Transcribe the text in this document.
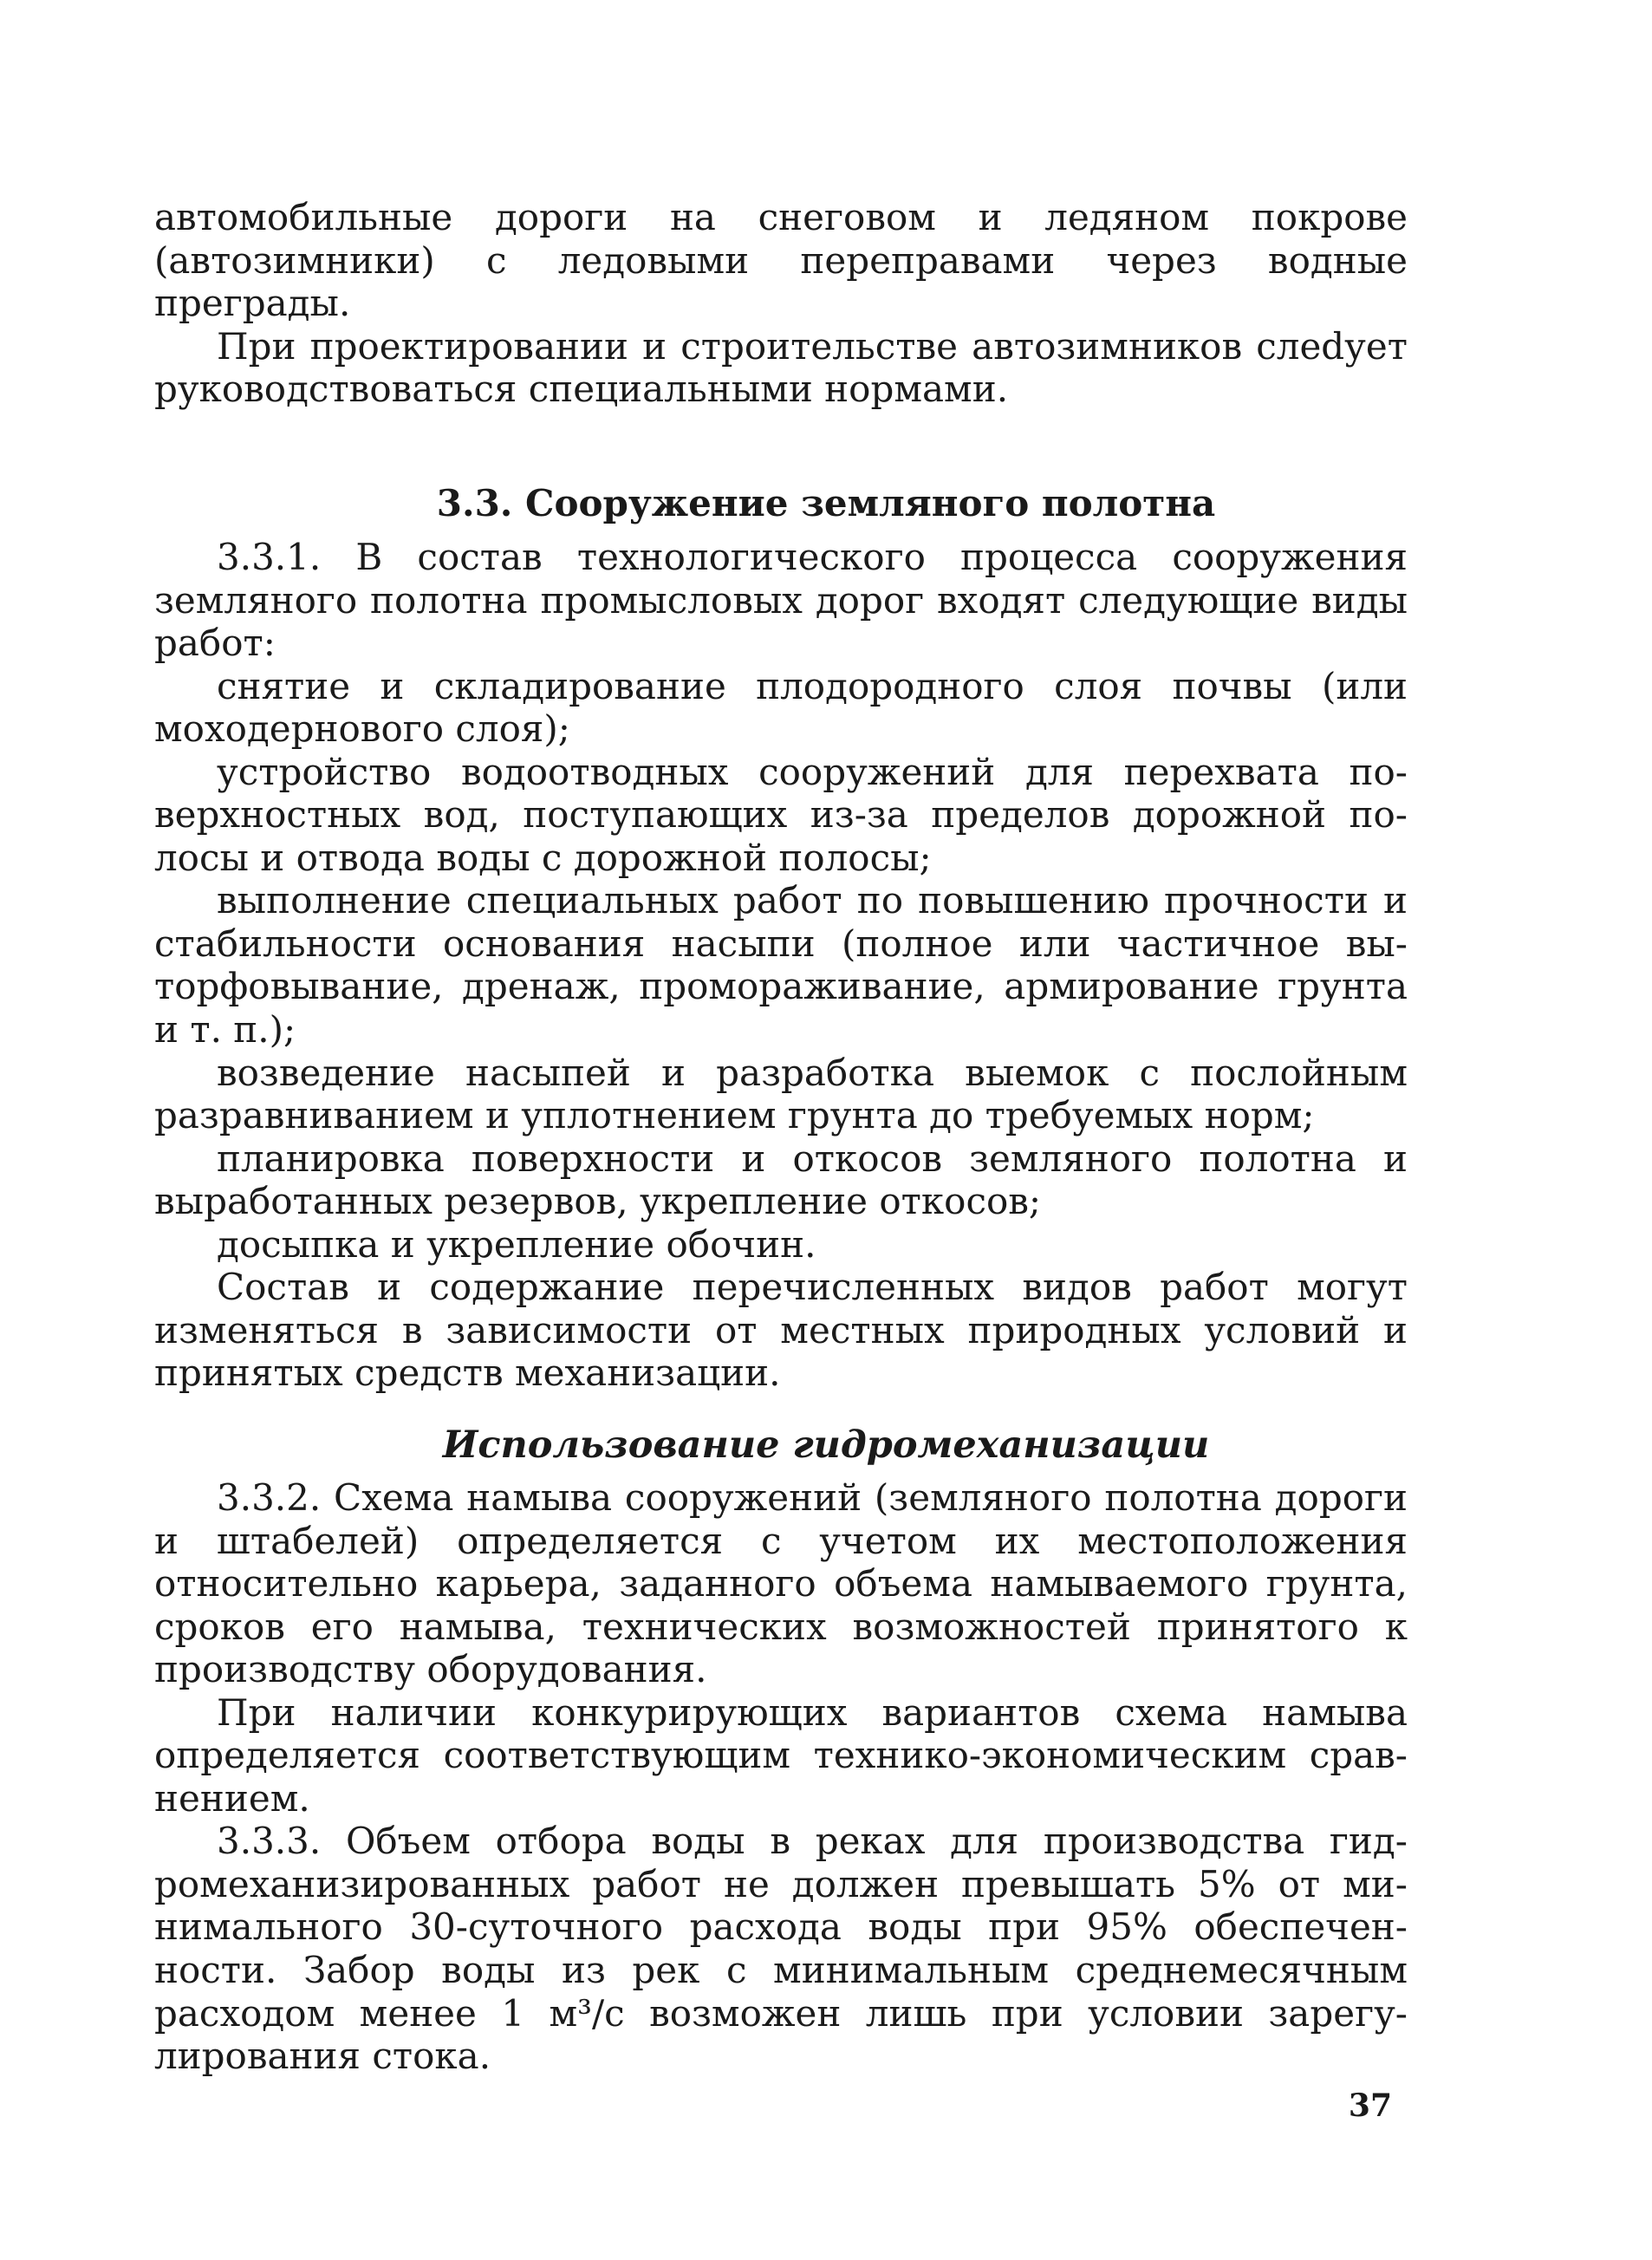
автомобильные дороги на снеговом и ледяном покрове (автозимники) с ледовыми переправами через водные преграды.

При проектировании и строительстве автозимников слеdует руководствоваться специальными нормами.

3.3. Сооружение земляного полотна

3.3.1. В состав технологического процесса сооружения земляного полотна промысловых дорог входят следующие виды работ:

снятие и складирование плодородного слоя почвы (или моходернового слоя);

устройство водоотводных сооружений для перехвата поверхностных вод, поступающих из-за пределов дорожной полосы и отвода воды с дорожной полосы;

выполнение специальных работ по повышению прочности и стабильности основания насыпи (полное или частичное выторфовывание, дренаж, промораживание, армирование грунта и т. п.);

возведение насыпей и разработка выемок с послойным разравниванием и уплотнением грунта до требуемых норм;

планировка поверхности и откосов земляного полотна и выработанных резервов, укрепление откосов;

досыпка и укрепление обочин.

Состав и содержание перечисленных видов работ могут изменяться в зависимости от местных природных условий и принятых средств механизации.

Использование гидромеханизации

3.3.2. Схема намыва сооружений (земляного полотна дороги и штабелей) определяется с учетом их местоположения относительно карьера, заданного объема намываемого грунта, сроков его намыва, технических возможностей принятого к производству оборудования.

При наличии конкурирующих вариантов схема намыва определяется соответствующим технико-экономическим сравнением.

3.3.3. Объем отбора воды в реках для производства гидромеханизированных работ не должен превышать 5% от минимального 30-суточного расхода воды при 95% обеспеченности. Забор воды из рек с минимальным среднемесячным расходом менее 1 м³/с возможен лишь при условии зарегулирования стока.

37
